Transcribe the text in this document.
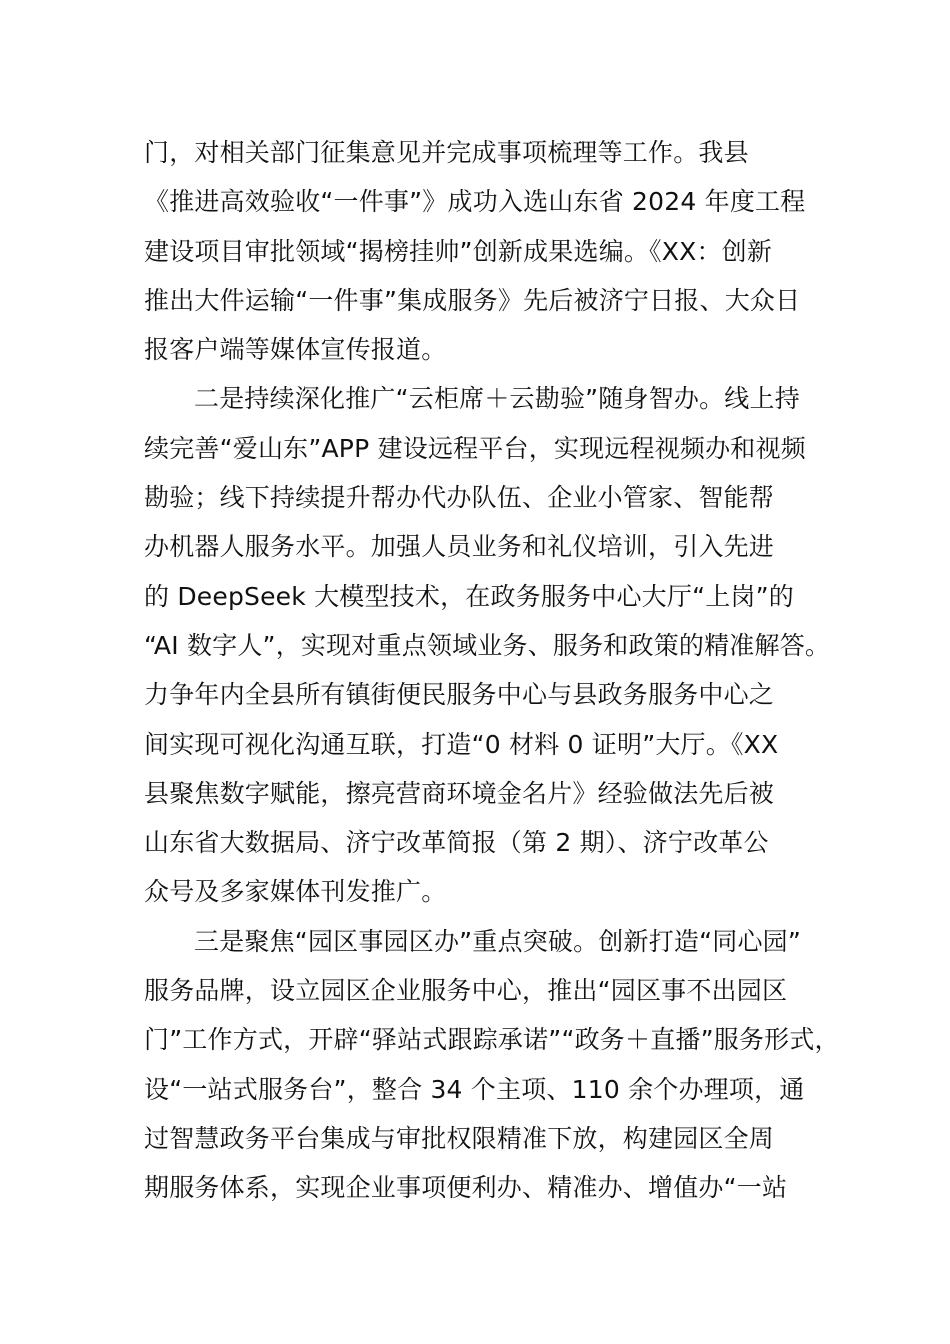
门，对相关部门征集意见并完成事项梳理等工作。我县
《推进高效验收“一件事”》成功入选山东省 2024 年度工程
建设项目审批领域“揭榜挂帅”创新成果选编。《XX：创新
推出大件运输“一件事”集成服务》先后被济宁日报、大众日
报客户端等媒体宣传报道。
二是持续深化推广“云柜席＋云勘验”随身智办。线上持
续完善“爱山东”APP 建设远程平台，实现远程视频办和视频
勘验；线下持续提升帮办代办队伍、企业小管家、智能帮
办机器人服务水平。加强人员业务和礼仪培训，引入先进
的 DeepSeek 大模型技术，在政务服务中心大厅“上岗”的
“AI 数字人”，实现对重点领域业务、服务和政策的精准解答。
力争年内全县所有镇街便民服务中心与县政务服务中心之
间实现可视化沟通互联，打造“0 材料 0 证明”大厅。《XX
县聚焦数字赋能，擦亮营商环境金名片》经验做法先后被
山东省大数据局、济宁改革简报（第 2 期）、济宁改革公
众号及多家媒体刊发推广。
三是聚焦“园区事园区办”重点突破。创新打造“同心园”
服务品牌，设立园区企业服务中心，推出“园区事不出园区
门”工作方式，开辟“驿站式跟踪承诺”“政务＋直播”服务形式，
设“一站式服务台”，整合 34 个主项、110 余个办理项，通
过智慧政务平台集成与审批权限精准下放，构建园区全周
期服务体系，实现企业事项便利办、精准办、增值办“一站
